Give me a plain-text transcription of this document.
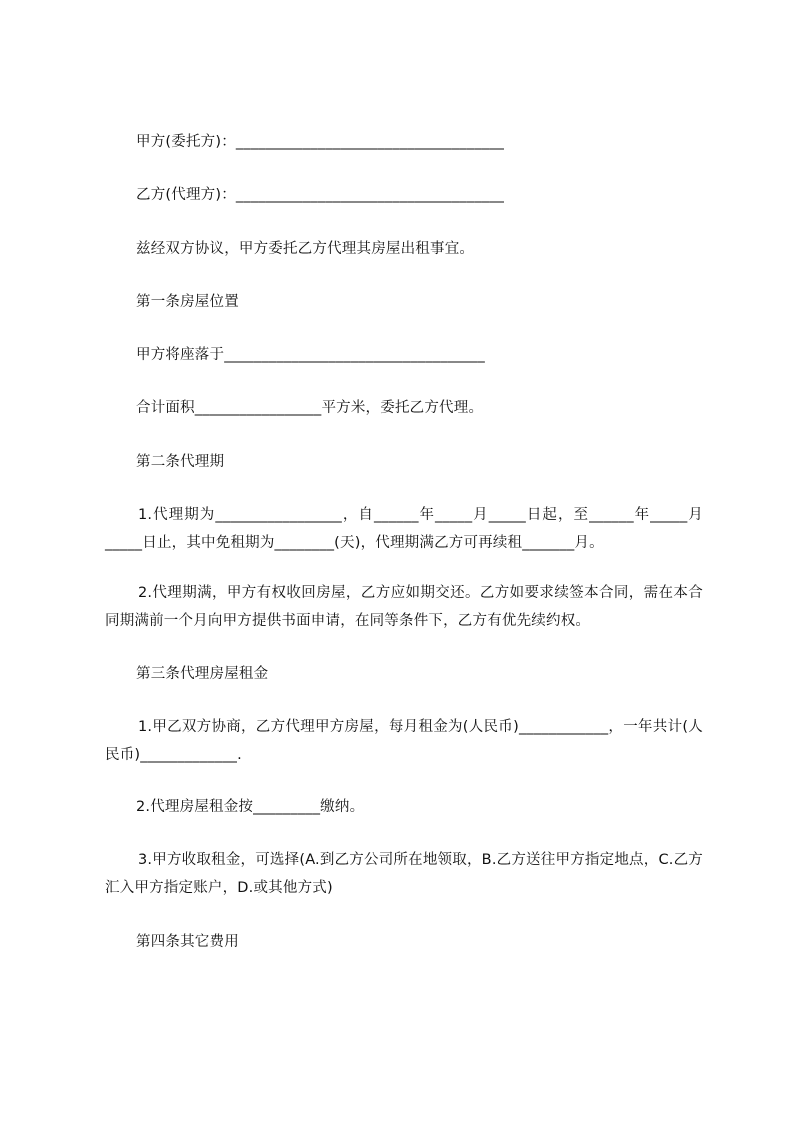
甲方(委托方)：____________________________________
乙方(代理方)：____________________________________
兹经双方协议，甲方委托乙方代理其房屋出租事宜。
第一条房屋位置
甲方将座落于___________________________________
合计面积_________________平方米，委托乙方代理。
第二条代理期
1.代理期为_________________，自______年_____月_____日起，至______年_____月_____日止，其中免租期为________(天)，代理期满乙方可再续租_______月。
2.代理期满，甲方有权收回房屋，乙方应如期交还。乙方如要求续签本合同，需在本合同期满前一个月向甲方提供书面申请，在同等条件下，乙方有优先续约权。
第三条代理房屋租金
1.甲乙双方协商，乙方代理甲方房屋，每月租金为(人民币)____________，一年共计(人民币)_____________.
2.代理房屋租金按_________缴纳。
3.甲方收取租金，可选择(A.到乙方公司所在地领取，B.乙方送往甲方指定地点，C.乙方汇入甲方指定账户，D.或其他方式)
第四条其它费用
